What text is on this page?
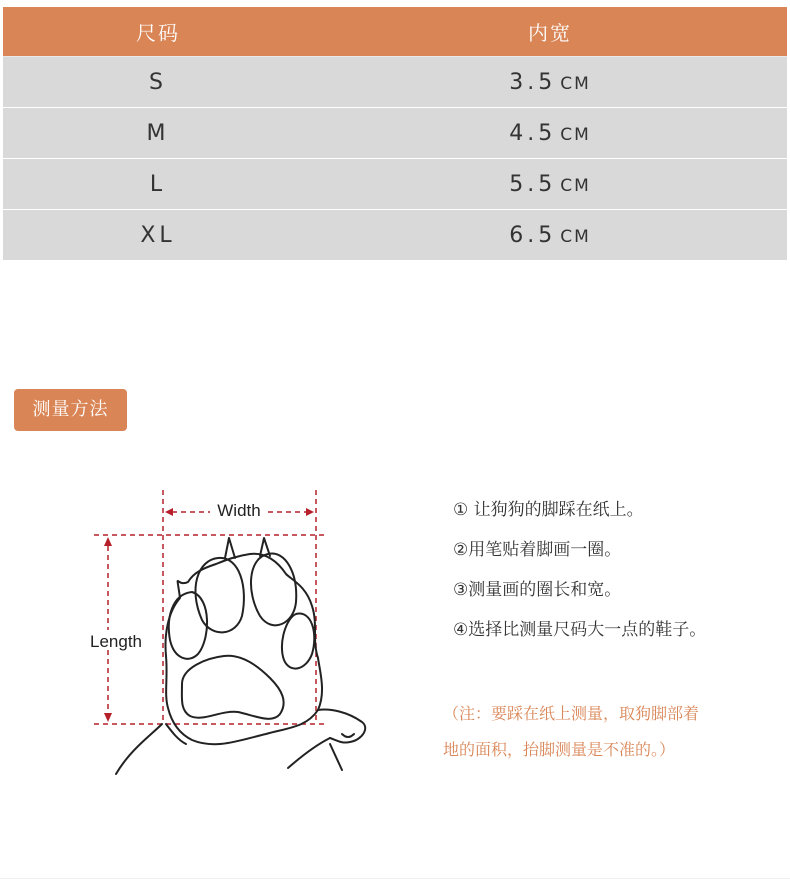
尺码	内宽
S	3.5 CM
M	4.5 CM
L	5.5 CM
XL	6.5 CM
测量方法
Width
Length
① 让狗狗的脚踩在纸上。
②用笔贴着脚画一圈。
③测量画的圈长和宽。
④选择比测量尺码大一点的鞋子。
（注：要踩在纸上测量，取狗脚部着
地的面积，抬脚测量是不准的。）
